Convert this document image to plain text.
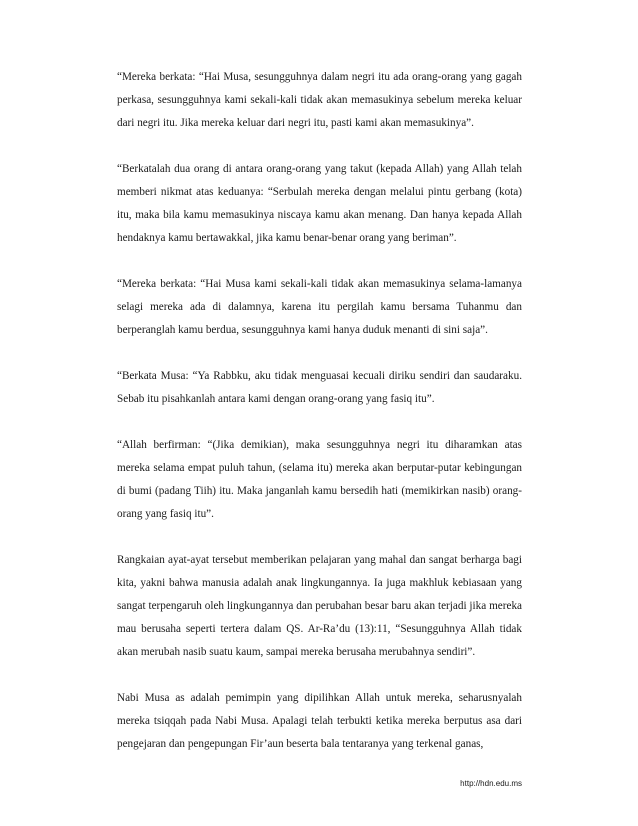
“Mereka berkata: “Hai Musa, sesungguhnya dalam negri itu ada orang-orang yang gagah perkasa, sesungguhnya kami sekali-kali tidak akan memasukinya sebelum mereka keluar dari negri itu. Jika mereka keluar dari negri itu, pasti kami akan memasukinya”.

“Berkatalah dua orang di antara orang-orang yang takut (kepada Allah) yang Allah telah memberi nikmat atas keduanya: “Serbulah mereka dengan melalui pintu gerbang (kota) itu, maka bila kamu memasukinya niscaya kamu akan menang. Dan hanya kepada Allah hendaknya kamu bertawakkal, jika kamu benar-benar orang yang beriman”.

“Mereka berkata: “Hai Musa kami sekali-kali tidak akan memasukinya selama-lamanya selagi mereka ada di dalamnya, karena itu pergilah kamu bersama Tuhanmu dan berperanglah kamu berdua, sesungguhnya kami hanya duduk menanti di sini saja”.

“Berkata Musa: “Ya Rabbku, aku tidak menguasai kecuali diriku sendiri dan saudaraku. Sebab itu pisahkanlah antara kami dengan orang-orang yang fasiq itu”.

“Allah berfirman: “(Jika demikian), maka sesungguhnya negri itu diharamkan atas mereka selama empat puluh tahun, (selama itu) mereka akan berputar-putar kebingungan di bumi (padang Tiih) itu. Maka janganlah kamu bersedih hati (memikirkan nasib) orang-orang yang fasiq itu”.

Rangkaian ayat-ayat tersebut memberikan pelajaran yang mahal dan sangat berharga bagi kita, yakni bahwa manusia adalah anak lingkungannya. Ia juga makhluk kebiasaan yang sangat terpengaruh oleh lingkungannya dan perubahan besar baru akan terjadi jika mereka mau berusaha seperti tertera dalam QS. Ar-Ra’du (13):11, “Sesungguhnya Allah tidak akan merubah nasib suatu kaum, sampai mereka berusaha merubahnya sendiri”.

Nabi Musa as adalah pemimpin yang dipilihkan Allah untuk mereka, seharusnyalah mereka tsiqqah pada Nabi Musa. Apalagi telah terbukti ketika mereka berputus asa dari pengejaran dan pengepungan Fir’aun beserta bala tentaranya yang terkenal ganas,

http://hdn.edu.ms
